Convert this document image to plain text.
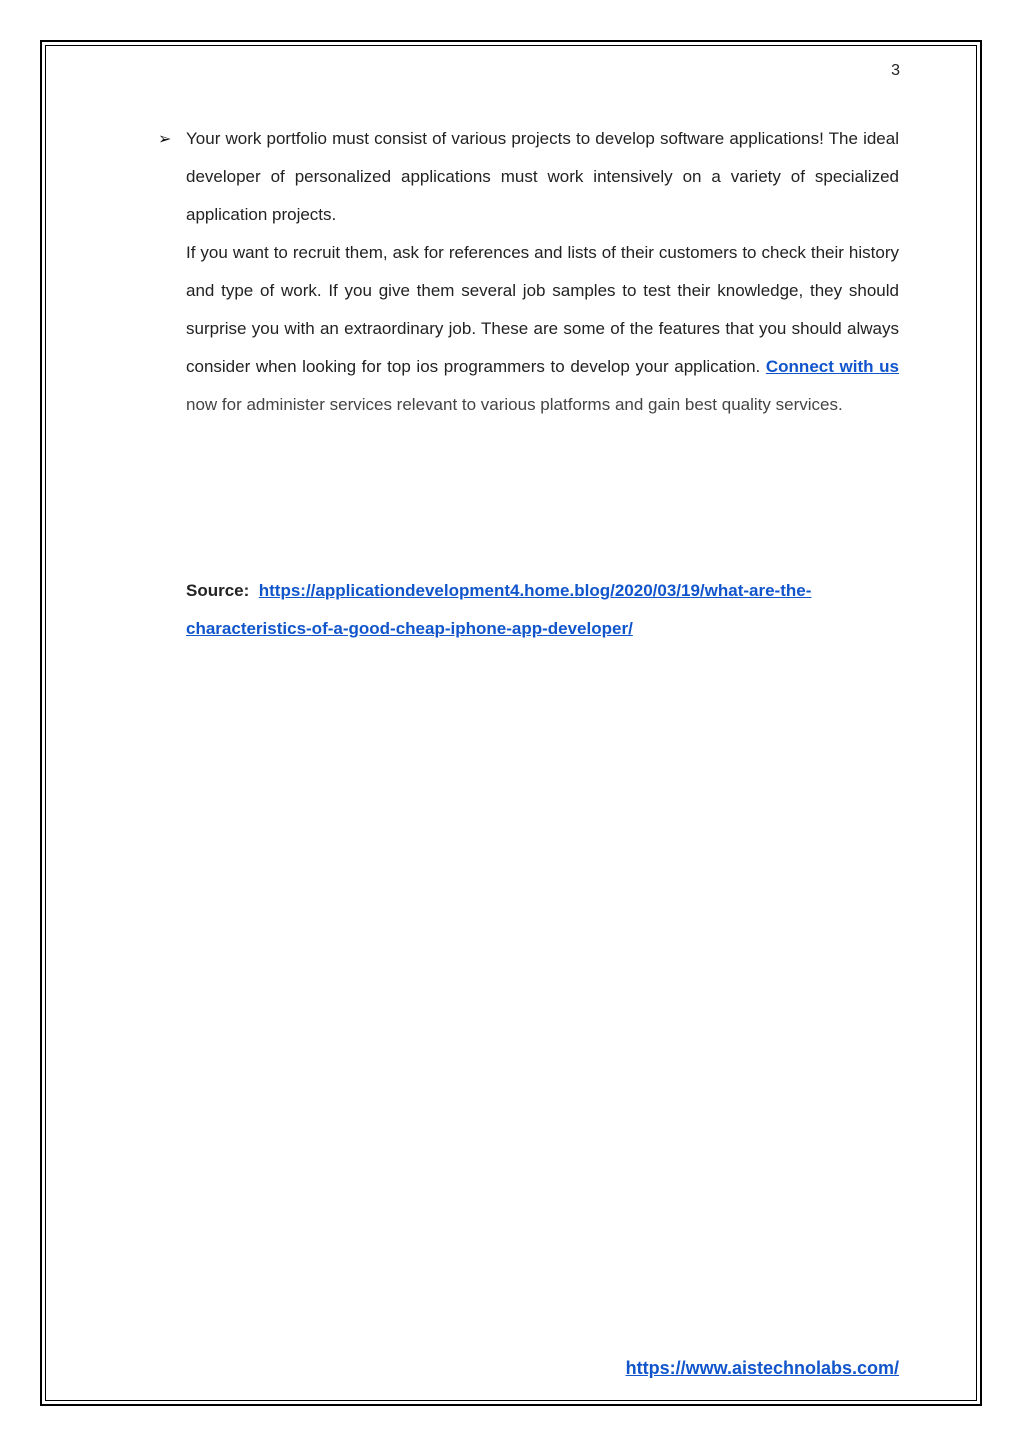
3
➢ Your work portfolio must consist of various projects to develop software applications! The ideal developer of personalized applications must work intensively on a variety of specialized application projects.

If you want to recruit them, ask for references and lists of their customers to check their history and type of work. If you give them several job samples to test their knowledge, they should surprise you with an extraordinary job. These are some of the features that you should always consider when looking for top ios programmers to develop your application. Connect with us now for administer services relevant to various platforms and gain best quality services.

Source: https://applicationdevelopment4.home.blog/2020/03/19/what-are-the-characteristics-of-a-good-cheap-iphone-app-developer/
https://www.aistechnolabs.com/
